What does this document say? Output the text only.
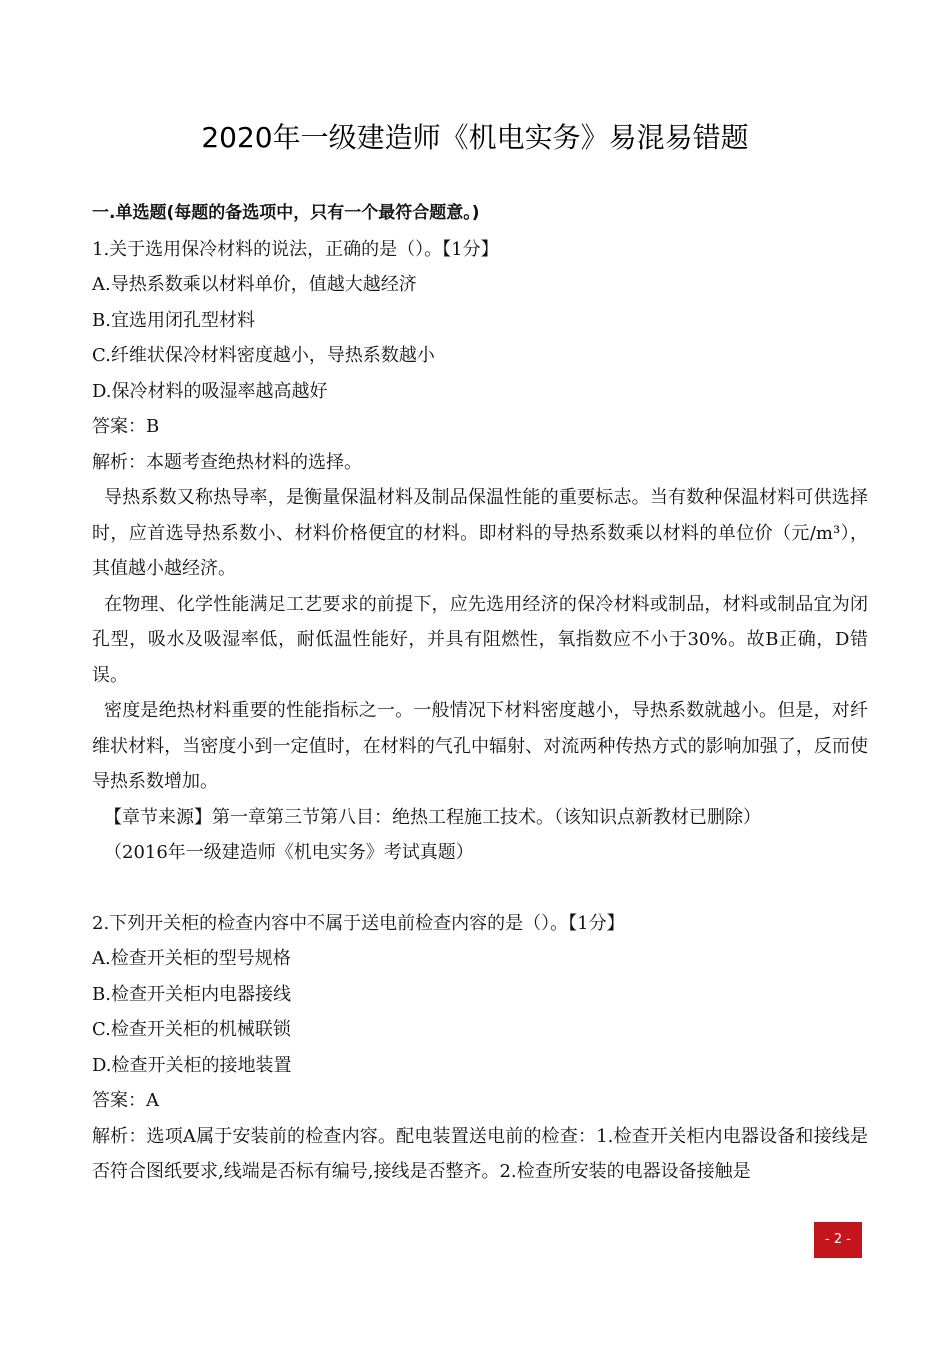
2020年一级建造师《机电实务》易混易错题

一.单选题(每题的备选项中，只有一个最符合题意。)

1.关于选用保冷材料的说法，正确的是（）。【1分】

A.导热系数乘以材料单价，值越大越经济

B.宜选用闭孔型材料

C.纤维状保冷材料密度越小，导热系数越小

D.保冷材料的吸湿率越高越好

答案：B

解析：本题考查绝热材料的选择。

导热系数又称热导率，是衡量保温材料及制品保温性能的重要标志。当有数种保温材料可供选择时，应首选导热系数小、材料价格便宜的材料。即材料的导热系数乘以材料的单位价（元/m³），其值越小越经济。

在物理、化学性能满足工艺要求的前提下，应先选用经济的保冷材料或制品，材料或制品宜为闭孔型，吸水及吸湿率低，耐低温性能好，并具有阻燃性，氧指数应不小于30%。故B正确，D错误。

密度是绝热材料重要的性能指标之一。一般情况下材料密度越小，导热系数就越小。但是，对纤维状材料，当密度小到一定值时，在材料的气孔中辐射、对流两种传热方式的影响加强了，反而使导热系数增加。

【章节来源】第一章第三节第八目：绝热工程施工技术。（该知识点新教材已删除）

（2016年一级建造师《机电实务》考试真题）

2.下列开关柜的检查内容中不属于送电前检查内容的是（）。【1分】

A.检查开关柜的型号规格

B.检查开关柜内电器接线

C.检查开关柜的机械联锁

D.检查开关柜的接地装置

答案：A

解析：选项A属于安装前的检查内容。配电装置送电前的检查：1.检查开关柜内电器设备和接线是否符合图纸要求,线端是否标有编号,接线是否整齐。2.检查所安装的电器设备接触是

- 2 -
